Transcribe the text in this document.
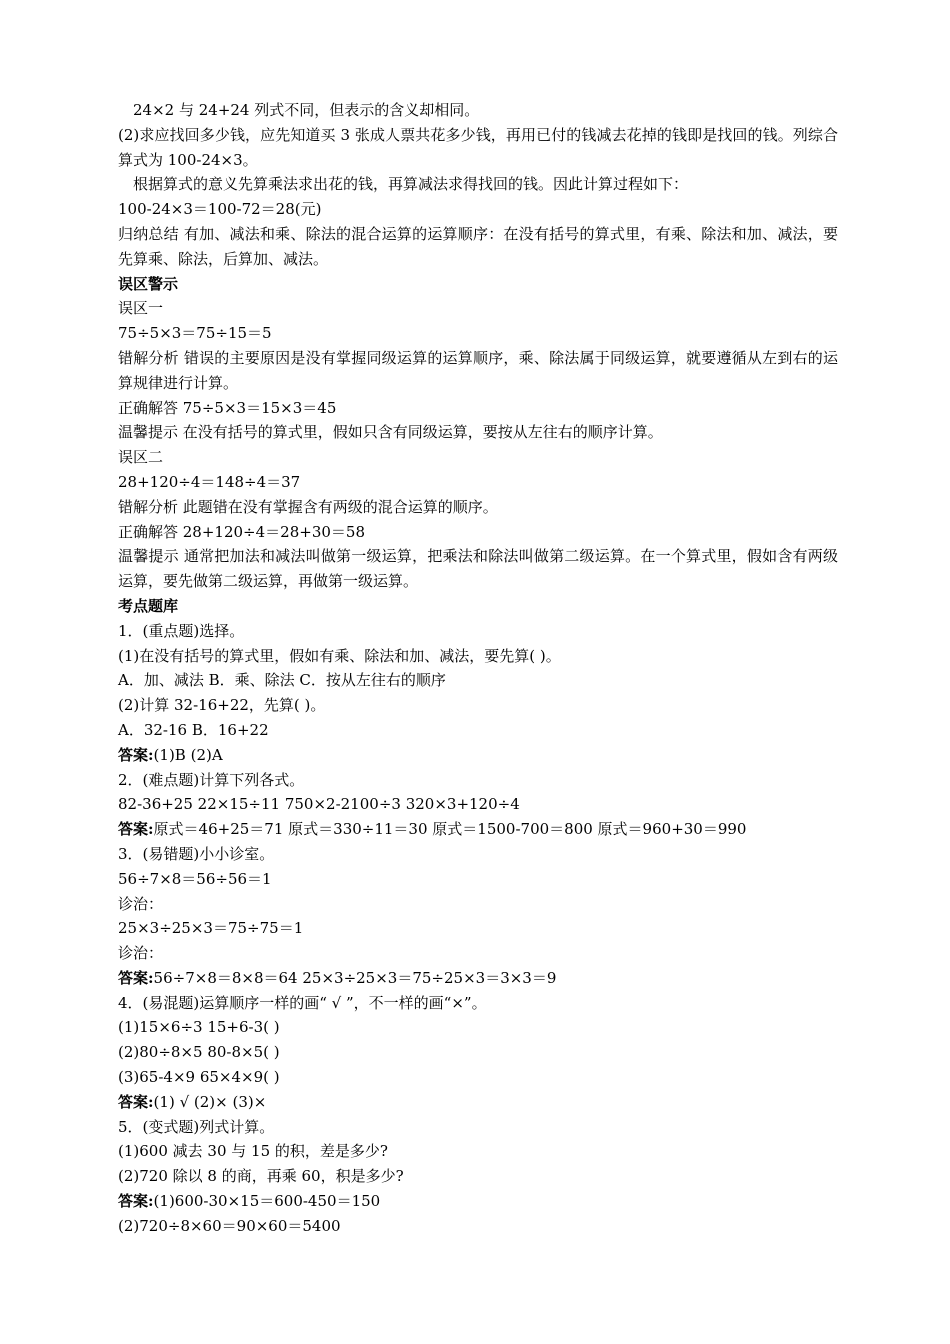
24×2 与 24+24 列式不同，但表示的含义却相同。
(2)求应找回多少钱，应先知道买 3 张成人票共花多少钱，再用已付的钱减去花掉的钱即是找回的钱。列综合算式为 100-24×3。
根据算式的意义先算乘法求出花的钱，再算减法求得找回的钱。因此计算过程如下：
100-24×3＝100-72＝28(元)
归纳总结 有加、减法和乘、除法的混合运算的运算顺序：在没有括号的算式里，有乘、除法和加、减法，要先算乘、除法，后算加、减法。
误区警示
误区一
75÷5×3＝75÷15＝5
错解分析 错误的主要原因是没有掌握同级运算的运算顺序，乘、除法属于同级运算，就要遵循从左到右的运算规律进行计算。
正确解答 75÷5×3＝15×3＝45
温馨提示 在没有括号的算式里，假如只含有同级运算，要按从左往右的顺序计算。
误区二
28+120÷4＝148÷4＝37
错解分析 此题错在没有掌握含有两级的混合运算的顺序。
正确解答 28+120÷4＝28+30＝58
温馨提示 通常把加法和减法叫做第一级运算，把乘法和除法叫做第二级运算。在一个算式里，假如含有两级运算，要先做第二级运算，再做第一级运算。
考点题库
1．(重点题)选择。
(1)在没有括号的算式里，假如有乘、除法和加、减法，要先算( )。
A．加、减法 B．乘、除法 C．按从左往右的顺序
(2)计算 32-16+22，先算( )。
A．32-16 B．16+22
答案:(1)B (2)A
2．(难点题)计算下列各式。
82-36+25 22×15÷11 750×2-2100÷3 320×3+120÷4
答案:原式＝46+25＝71 原式＝330÷11＝30 原式＝1500-700＝800 原式＝960+30＝990
3．(易错题)小小诊室。
56÷7×8＝56÷56＝1
诊治：
25×3÷25×3＝75÷75＝1
诊治：
答案:56÷7×8＝8×8＝64 25×3÷25×3＝75÷25×3＝3×3＝9
4．(易混题)运算顺序一样的画“ √ ”，不一样的画“×”。
(1)15×6÷3 15+6-3( )
(2)80÷8×5 80-8×5( )
(3)65-4×9 65×4×9( )
答案:(1) √ (2)× (3)×
5．(变式题)列式计算。
(1)600 减去 30 与 15 的积，差是多少?
(2)720 除以 8 的商，再乘 60，积是多少?
答案:(1)600-30×15＝600-450＝150
(2)720÷8×60＝90×60＝5400
